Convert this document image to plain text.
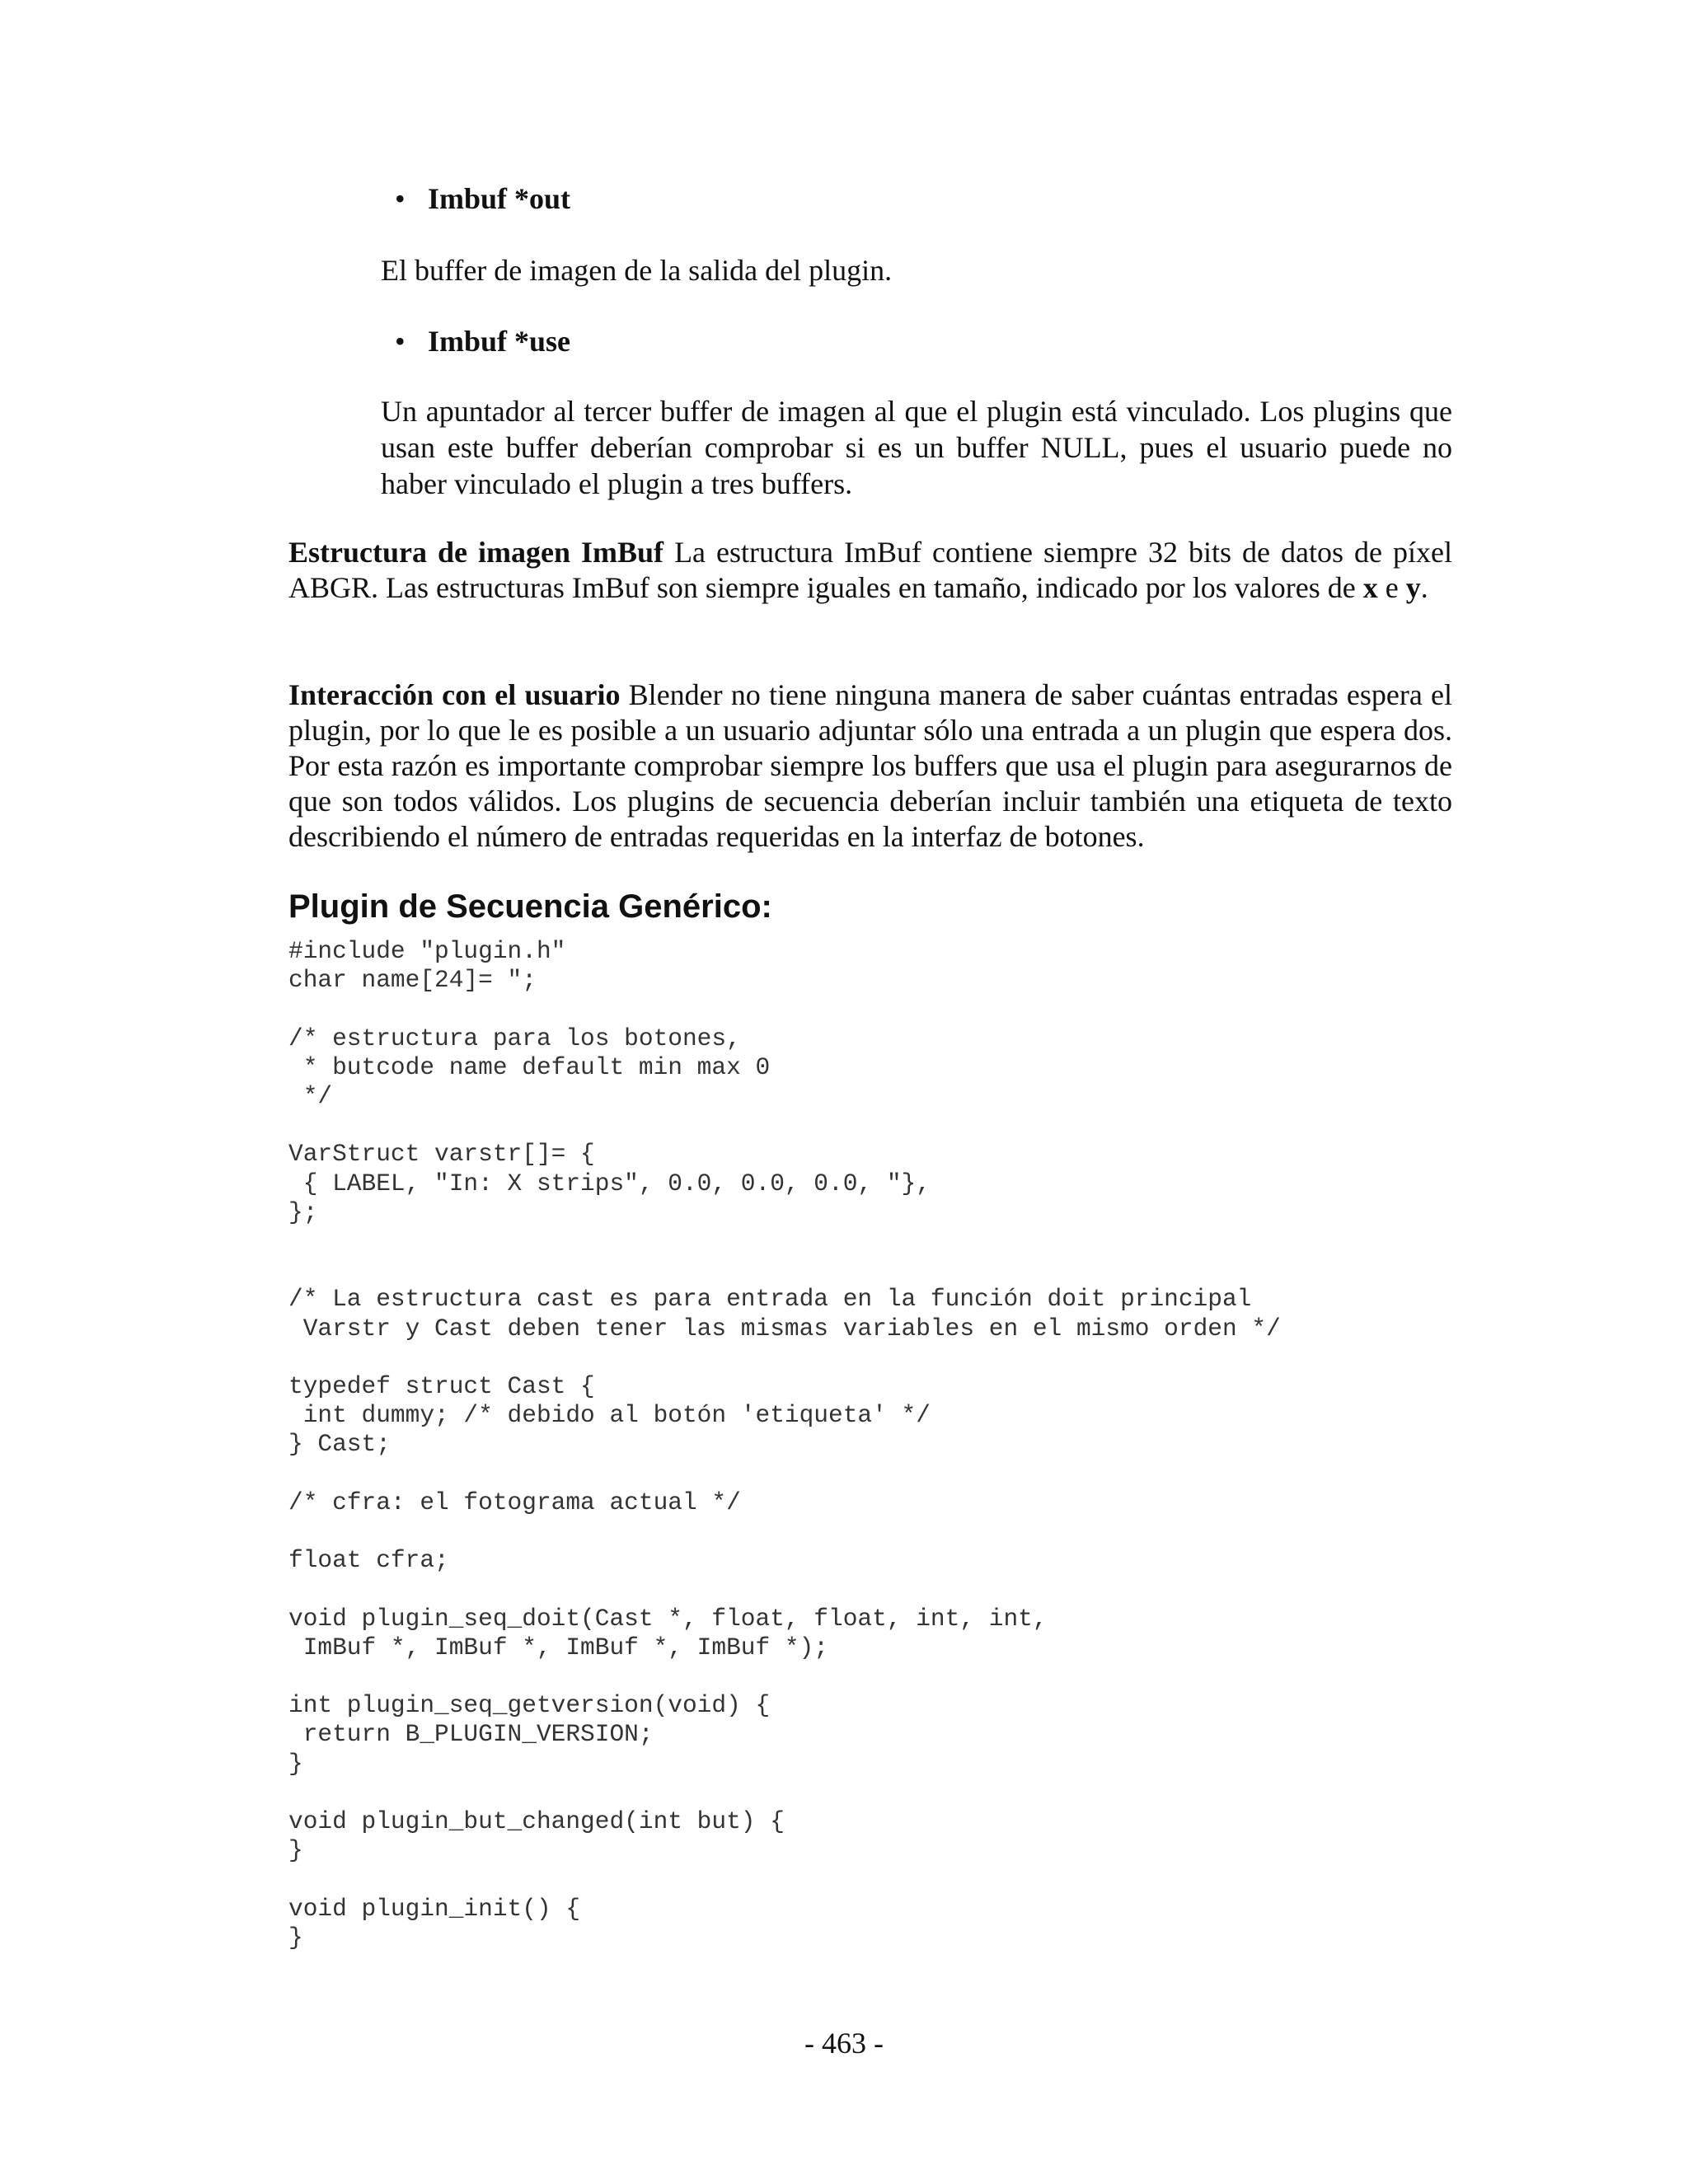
• Imbuf *out
El buffer de imagen de la salida del plugin.
• Imbuf *use
Un apuntador al tercer buffer de imagen al que el plugin está vinculado. Los plugins que usan este buffer deberían comprobar si es un buffer NULL, pues el usuario puede no haber vinculado el plugin a tres buffers.
Estructura de imagen ImBuf La estructura ImBuf contiene siempre 32 bits de datos de píxel ABGR. Las estructuras ImBuf son siempre iguales en tamaño, indicado por los valores de x e y.
Interacción con el usuario Blender no tiene ninguna manera de saber cuántas entradas espera el plugin, por lo que le es posible a un usuario adjuntar sólo una entrada a un plugin que espera dos. Por esta razón es importante comprobar siempre los buffers que usa el plugin para asegurarnos de que son todos válidos. Los plugins de secuencia deberían incluir también una etiqueta de texto describiendo el número de entradas requeridas en la interfaz de botones.
Plugin de Secuencia Genérico:
#include "plugin.h"
char name[24]= ";

/* estructura para los botones,
* butcode name default min max 0
*/

VarStruct varstr[]= {
{ LABEL, "In: X strips", 0.0, 0.0, 0.0, "},
};

/* La estructura cast es para entrada en la función doit principal
Varstr y Cast deben tener las mismas variables en el mismo orden */

typedef struct Cast {
int dummy; /* debido al botón 'etiqueta' */
} Cast;

/* cfra: el fotograma actual */

float cfra;

void plugin_seq_doit(Cast *, float, float, int, int,
ImBuf *, ImBuf *, ImBuf *, ImBuf *);

int plugin_seq_getversion(void) {
return B_PLUGIN_VERSION;
}

void plugin_but_changed(int but) {
}

void plugin_init() {
}
- 463 -
